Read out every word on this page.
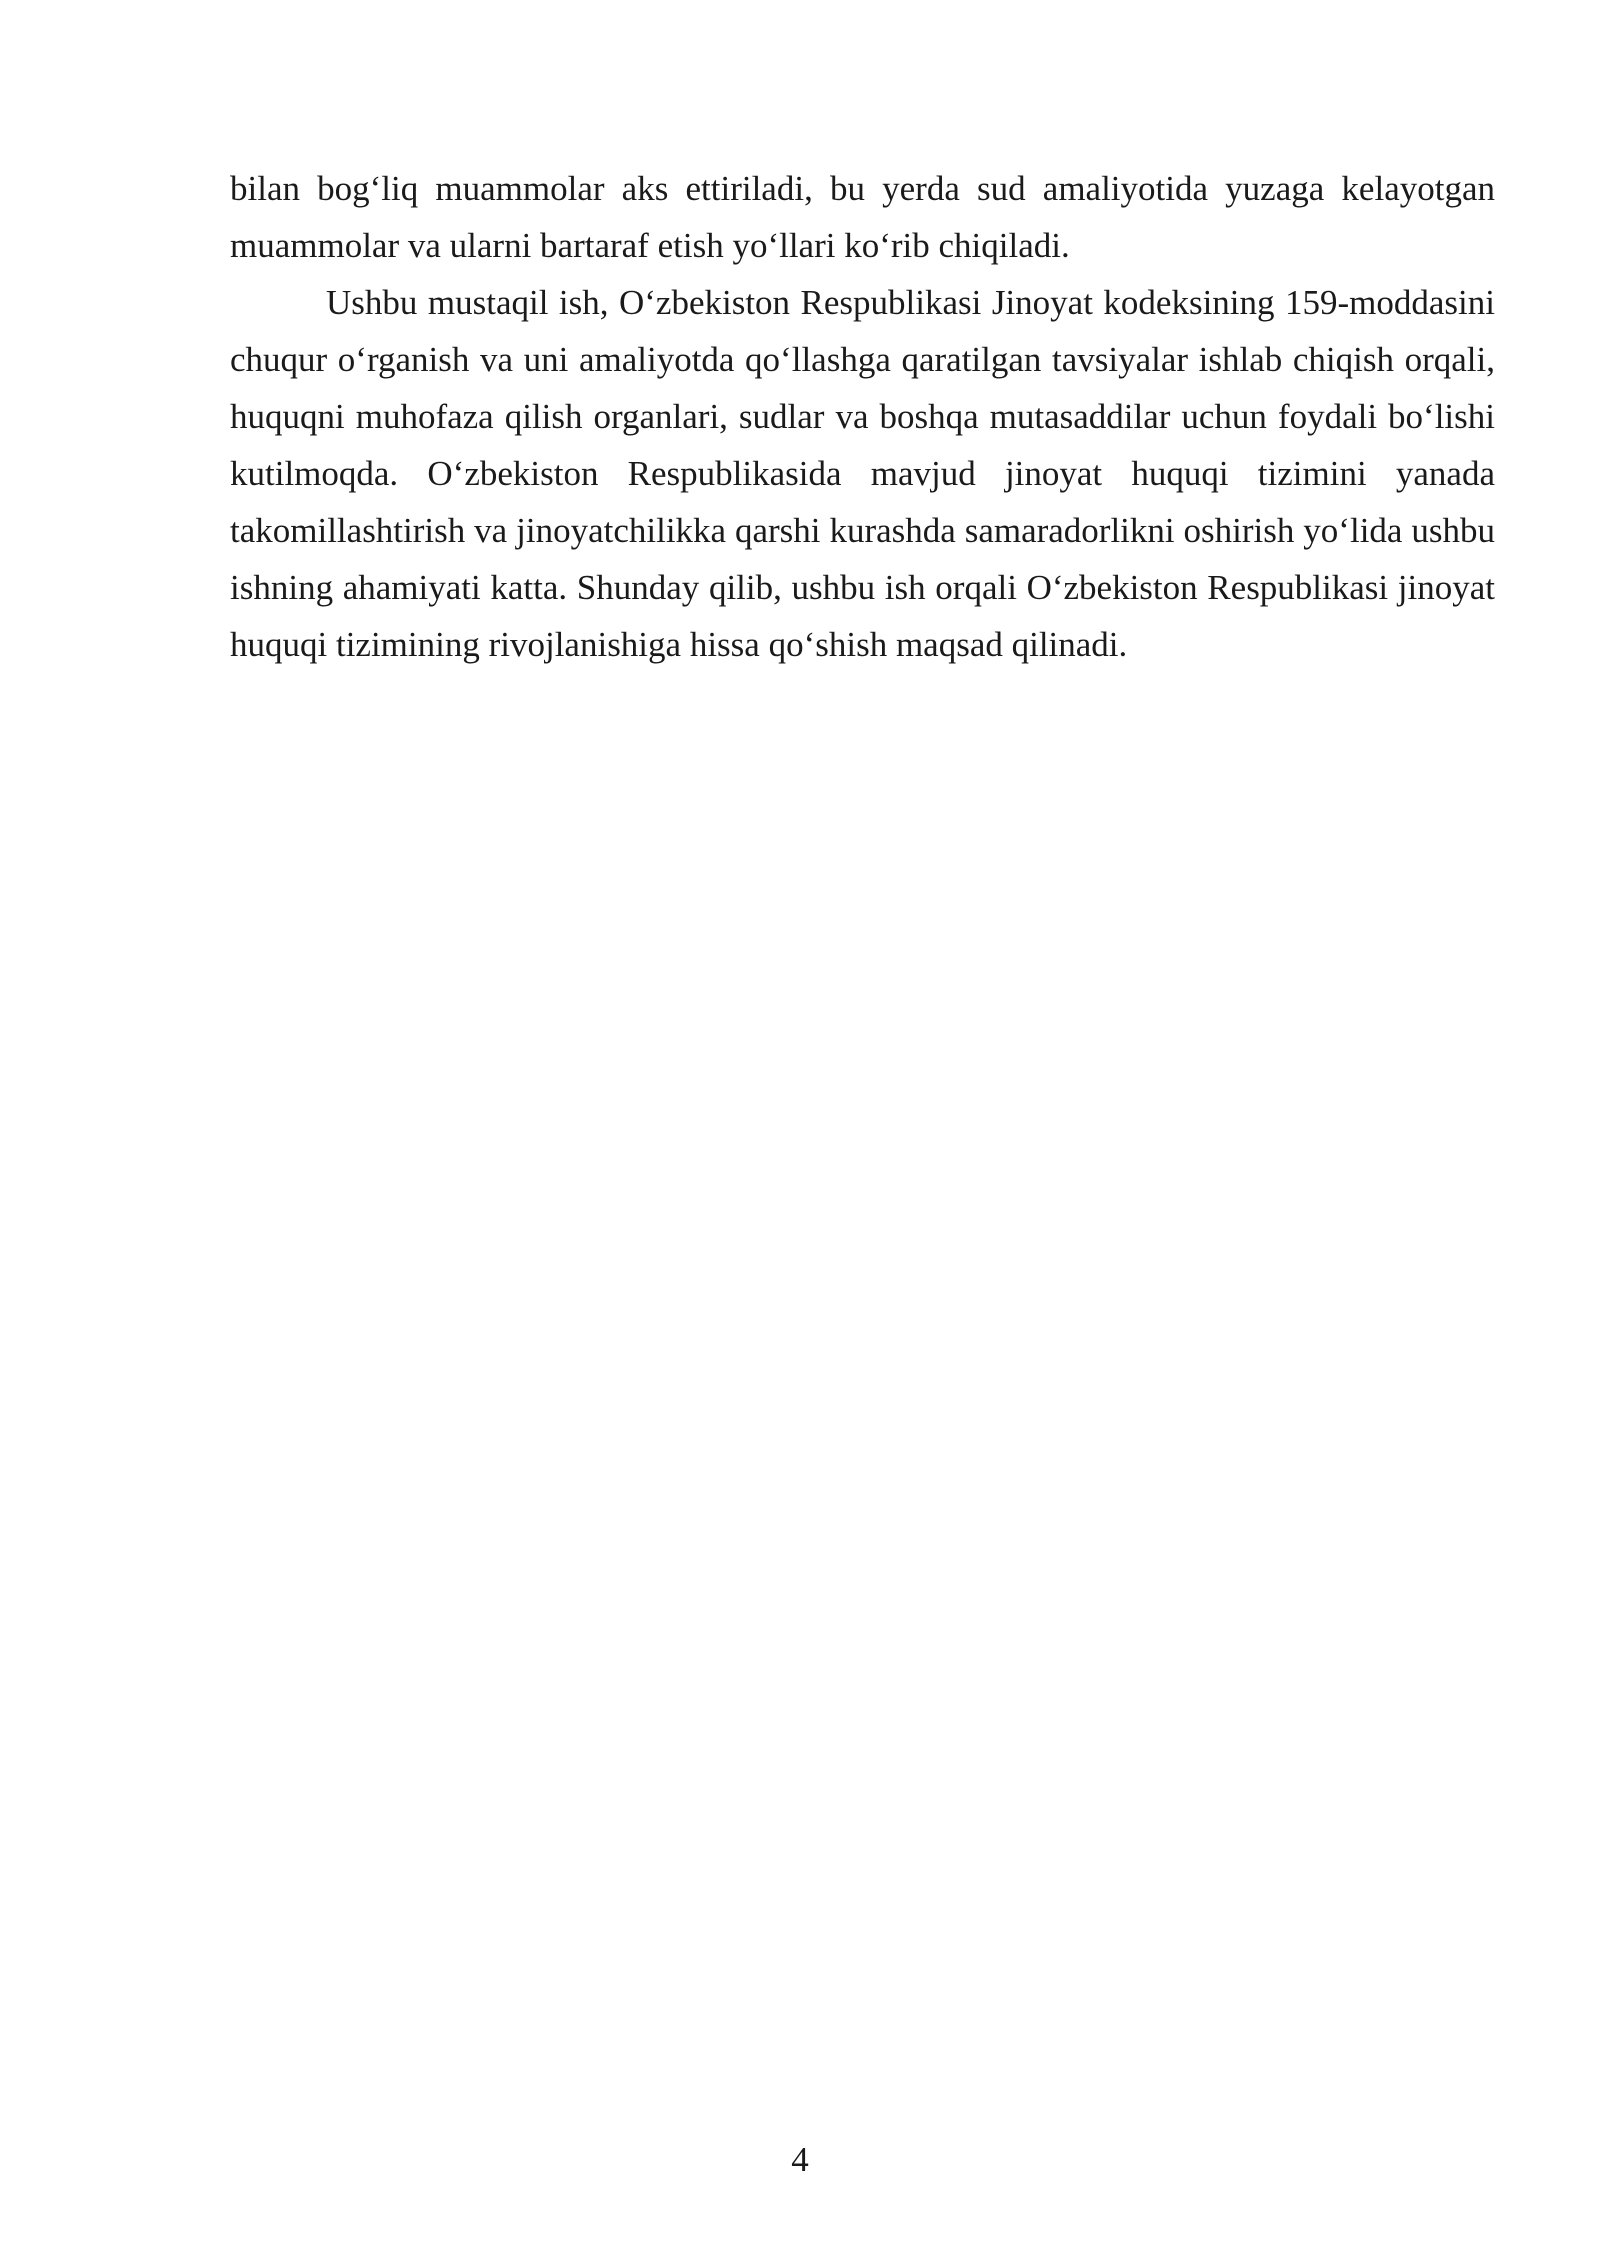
bilan bog‘liq muammolar aks ettiriladi, bu yerda sud amaliyotida yuzaga kelayotgan muammolar va ularni bartaraf etish yo‘llari ko‘rib chiqiladi.

Ushbu mustaqil ish, O‘zbekiston Respublikasi Jinoyat kodeksining 159-moddasini chuqur o‘rganish va uni amaliyotda qo‘llashga qaratilgan tavsiyalar ishlab chiqish orqali, huquqni muhofaza qilish organlari, sudlar va boshqa mutasaddilar uchun foydali bo‘lishi kutilmoqda. O‘zbekiston Respublikasida mavjud jinoyat huquqi tizimini yanada takomillashtirish va jinoyatchilikka qarshi kurashda samaradorlikni oshirish yo‘lida ushbu ishning ahamiyati katta. Shunday qilib, ushbu ish orqali O‘zbekiston Respublikasi jinoyat huquqi tizimining rivojlanishiga hissa qo‘shish maqsad qilinadi.

4
